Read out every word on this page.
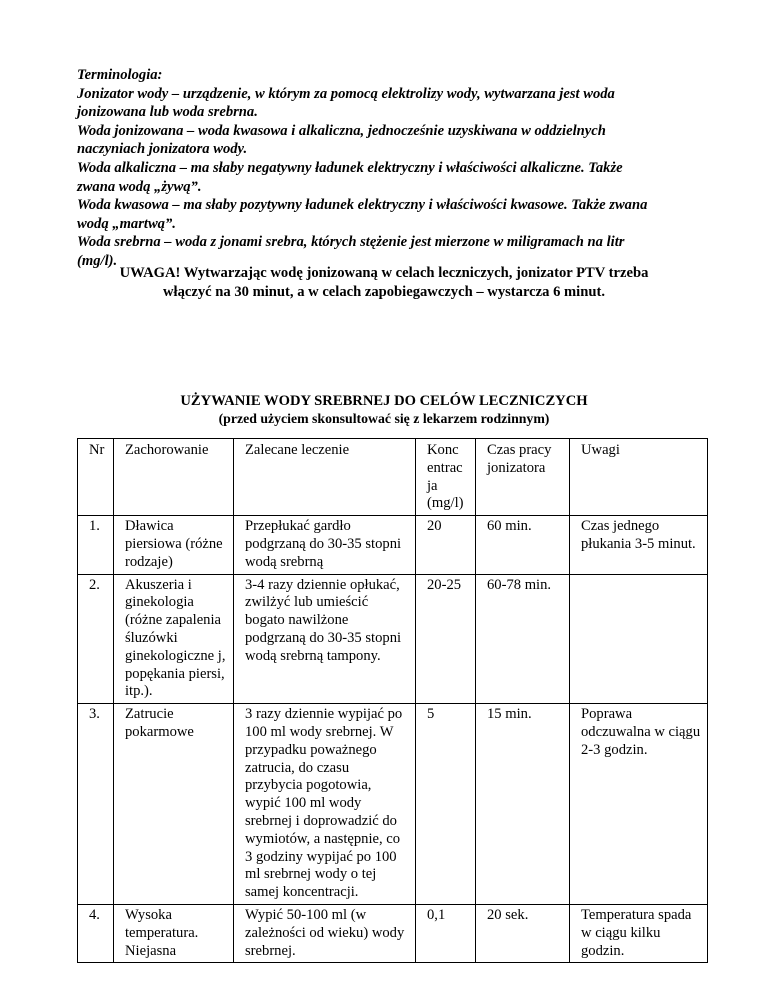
Terminologia:
Jonizator wody – urządzenie, w którym za pomocą elektrolizy wody, wytwarzana jest woda
jonizowana lub woda srebrna.
Woda jonizowana – woda kwasowa i alkaliczna, jednocześnie uzyskiwana w oddzielnych
naczyniach jonizatora wody.
Woda alkaliczna – ma słaby negatywny ładunek elektryczny i właściwości alkaliczne. Także
zwana wodą „żywą”.
Woda kwasowa – ma słaby pozytywny ładunek elektryczny i właściwości kwasowe. Także zwana
wodą „martwą”.
Woda srebrna – woda z jonami srebra, których stężenie jest mierzone w miligramach na litr
(mg/l).
UWAGA! Wytwarzając wodę jonizowaną w celach leczniczych, jonizator PTV trzeba
włączyć na 30 minut, a w celach zapobiegawczych – wystarcza 6 minut.
UŻYWANIE WODY SREBRNEJ DO CELÓW LECZNICZYCH
(przed użyciem skonsultować się z lekarzem rodzinnym)
Nr	Zachorowanie	Zalecane leczenie	Konc entrac ja (mg/l)	Czas pracy jonizatora	Uwagi
1.	Dławica piersiowa (różne rodzaje)	Przepłukać gardło podgrzaną do 30-35 stopni wodą srebrną	20	60 min.	Czas jednego płukania 3-5 minut.
2.	Akuszeria i ginekologia (różne zapalenia śluzówki ginekologiczne j, popękania piersi, itp.).	3-4 razy dziennie opłukać, zwilżyć lub umieścić bogato nawilżone podgrzaną do 30-35 stopni wodą srebrną tampony.	20-25	60-78 min.	
3.	Zatrucie pokarmowe	3 razy dziennie wypijać po 100 ml wody srebrnej. W przypadku poważnego zatrucia, do czasu przybycia pogotowia, wypić 100 ml wody srebrnej i doprowadzić do wymiotów, a następnie, co 3 godziny wypijać po 100 ml srebrnej wody o tej samej koncentracji.	5	15 min.	Poprawa odczuwalna w ciągu 2-3 godzin.
4.	Wysoka temperatura. Niejasna	Wypić 50-100 ml (w zależności od wieku) wody srebrnej.	0,1	20 sek.	Temperatura spada w ciągu kilku godzin.
